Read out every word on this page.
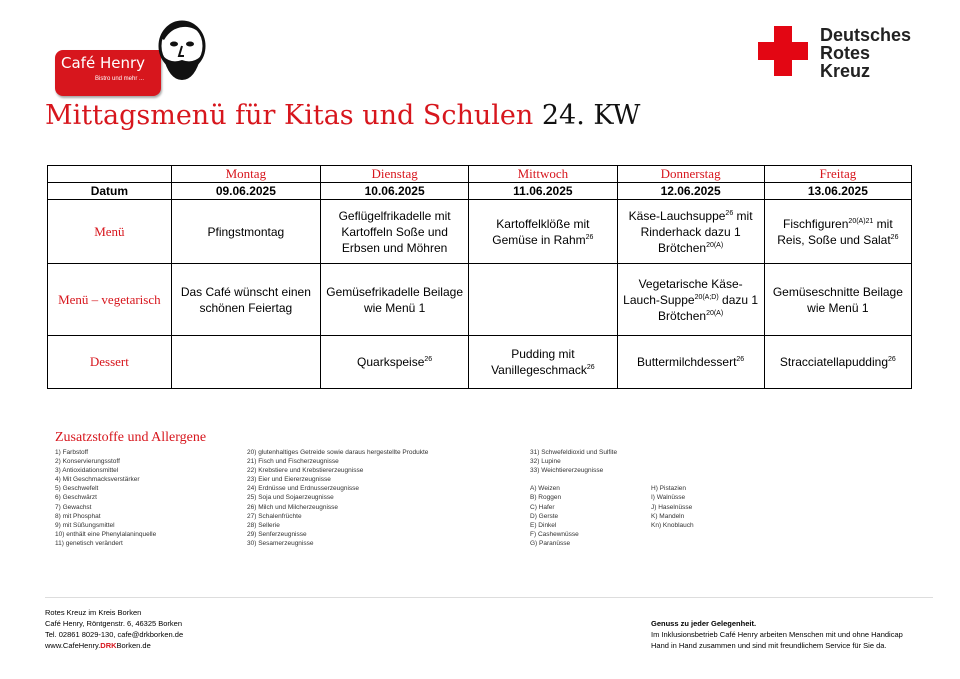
Café Henry
Bistro und mehr ...
Deutsches
Rotes
Kreuz
Mittagsmenü für Kitas und Schulen 24. KW
	Montag	Dienstag	Mittwoch	Donnerstag	Freitag
Datum	09.06.2025	10.06.2025	11.06.2025	12.06.2025	13.06.2025
Menü	Pfingstmontag	Geflügelfrikadelle mit Kartoffeln Soße und Erbsen und Möhren	Kartoffelklöße mit Gemüse in Rahm$^{26}$	Käse-Lauchsuppe$^{26}$ mit Rinderhack dazu 1 Brötchen$^{20(A)}$	Fischfiguren$^{20(A)21}$ mit Reis, Soße und Salat$^{26}$
Menü – vegetarisch	Das Café wünscht einen schönen Feiertag	Gemüsefrikadelle Beilage wie Menü 1		Vegetarische Käse-Lauch-Suppe$^{20(A;D)}$ dazu 1 Brötchen$^{20(A)}$	Gemüseschnitte Beilage wie Menü 1
Dessert		Quarkspeise$^{26}$	Pudding mit Vanillegeschmack$^{26}$	Buttermilchdessert$^{26}$	Stracciatellapudding$^{26}$
Zusatzstoffe und Allergene
1) Farbstoff
2) Konservierungsstoff
3) Antioxidationsmittel
4) Mit Geschmacksverstärker
5) Geschwefelt
6) Geschwärzt
7) Gewachst
8) mit Phosphat
9) mit Süßungsmittel
10) enthält eine Phenylalaninquelle
11) genetisch verändert
20) glutenhaltiges Getreide sowie daraus hergestellte Produkte
21) Fisch und Fischerzeugnisse
22) Krebstiere und Krebstiererzeugnisse
23) Eier und Eiererzeugnisse
24) Erdnüsse und Erdnusserzeugnisse
25) Soja und Sojaerzeugnisse
26) Milch und Milcherzeugnisse
27) Schalenfrüchte
28) Sellerie
29) Senferzeugnisse
30) Sesamerzeugnisse
31) Schwefeldioxid und Sulfite
32) Lupine
33) Weichtiererzeugnisse
A) Weizen
B) Roggen
C) Hafer
D) Gerste
E) Dinkel
F) Cashewnüsse
G) Paranüsse
H) Pistazien
I) Walnüsse
J) Haselnüsse
K) Mandeln
Kn) Knoblauch
Rotes Kreuz im Kreis Borken
Café Henry, Röntgenstr. 6, 46325 Borken
Tel. 02861 8029-130, cafe@drkborken.de
www.CafeHenry.DRKBorken.de
Genuss zu jeder Gelegenheit.
Im Inklusionsbetrieb Café Henry arbeiten Menschen mit und ohne Handicap
Hand in Hand zusammen und sind mit freundlichem Service für Sie da.
